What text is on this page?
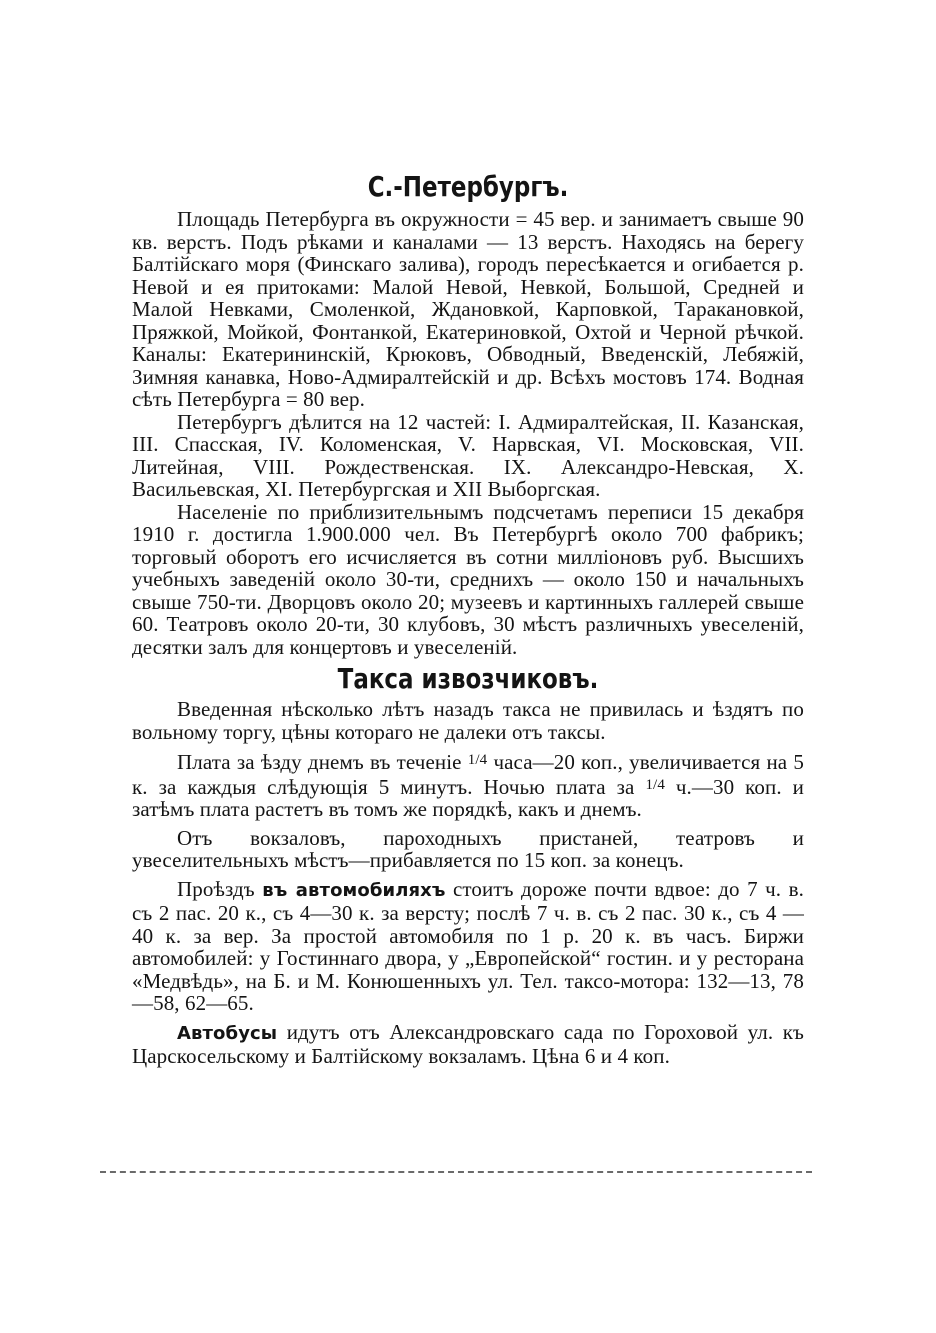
С.-Петербургъ.

Площадь Петербурга въ окружности = 45 вер. и занимаетъ свыше 90 кв. верстъ. Подъ рѣками и каналами — 13 верстъ. Находясь на берегу Балтійскаго моря (Финскаго залива), городъ пересѣкается и огибается р. Невой и ея притоками: Малой Невой, Невкой, Большой, Средней и Малой Невками, Смоленкой, Ждановкой, Карповкой, Таракановкой, Пряжкой, Мойкой, Фонтанкой, Екатериновкой, Охтой и Черной рѣчкой. Каналы: Екатерининскій, Крюковъ, Обводный, Введенскій, Лебяжій, Зимняя канавка, Ново-Адмиралтейскій и др. Всѣхъ мостовъ 174. Водная сѣть Петербурга = 80 вер.

Петербургъ дѣлится на 12 частей: I. Адмиралтейская, II. Казанская, III. Спасская, IV. Коломенская, V. Нарвская, VI. Московская, VII. Литейная, VIII. Рождественская. IX. Александро-Невская, X. Васильевская, XI. Петербургская и XII Выборгская.

Населеніе по приблизительнымъ подсчетамъ переписи 15 декабря 1910 г. достигла 1.900.000 чел. Въ Петербургѣ около 700 фабрикъ; торговый оборотъ его исчисляется въ сотни милліоновъ руб. Высшихъ учебныхъ заведеній около 30-ти, среднихъ — около 150 и начальныхъ свыше 750-ти. Дворцовъ около 20; музеевъ и картинныхъ галлерей свыше 60. Театровъ около 20-ти, 30 клубовъ, 30 мѣстъ различныхъ увеселеній, десятки залъ для концертовъ и увеселеній.

Такса извозчиковъ.

Введенная нѣсколько лѣтъ назадъ такса не привилась и ѣздятъ по вольному торгу, цѣны котораго не далеки отъ таксы.

Плата за ѣзду днемъ въ теченіе $^{1/4}$ часа—20 коп., увеличивается на 5 к. за каждыя слѣдующія 5 минутъ. Ночью плата за $^{1/4}$ ч.—30 коп. и затѣмъ плата растетъ въ томъ же порядкѣ, какъ и днемъ.

Отъ вокзаловъ, пароходныхъ пристаней, театровъ и увеселительныхъ мѣстъ—прибавляется по 15 коп. за конецъ.

Проѣздъ въ автомобиляхъ стоитъ дороже почти вдвое: до 7 ч. в. съ 2 пас. 20 к., съ 4—30 к. за версту; послѣ 7 ч. в. съ 2 пас. 30 к., съ 4 — 40 к. за вер. За простой автомобиля по 1 р. 20 к. въ часъ. Биржи автомобилей: у Гостиннаго двора, у „Европейской“ гостин. и у ресторана «Медвѣдь», на Б. и М. Конюшенныхъ ул. Тел. таксо-мотора: 132—13, 78—58, 62—65.

Автобусы идутъ отъ Александровскаго сада по Гороховой ул. къ Царскосельскому и Балтійскому вокзаламъ. Цѣна 6 и 4 коп.
